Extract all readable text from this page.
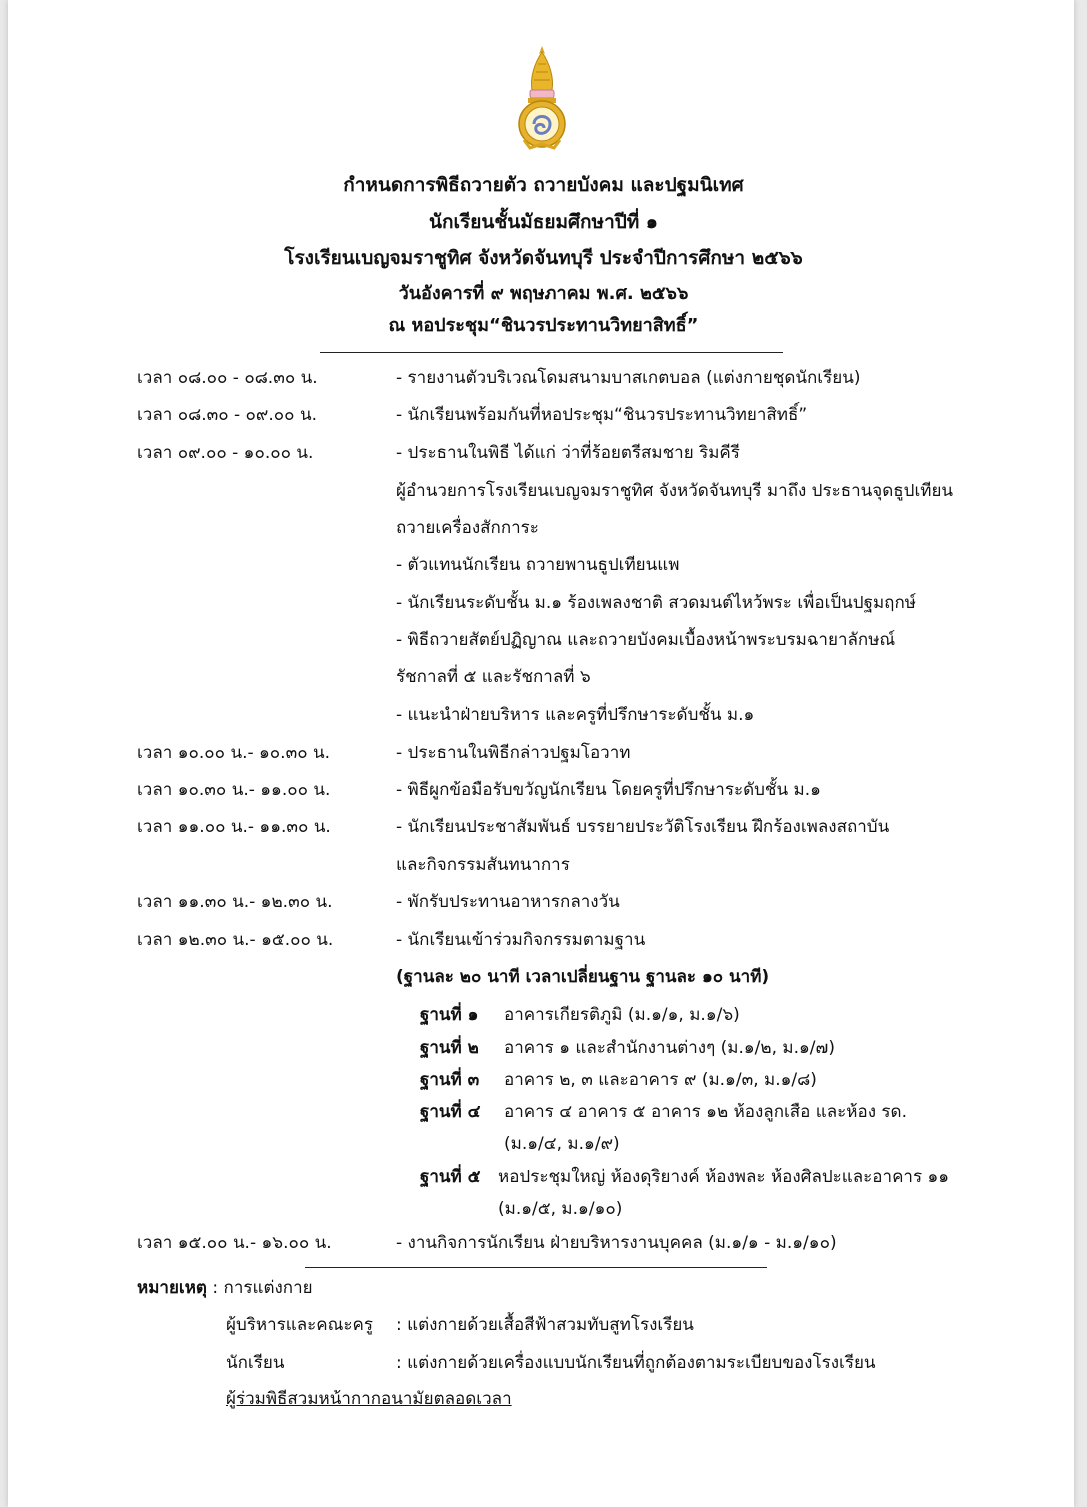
กำหนดการพิธีถวายตัว ถวายบังคม และปฐมนิเทศ
นักเรียนชั้นมัธยมศึกษาปีที่ ๑
โรงเรียนเบญจมราชูทิศ จังหวัดจันทบุรี ประจำปีการศึกษา ๒๕๖๖
วันอังคารที่ ๙ พฤษภาคม พ.ศ. ๒๕๖๖
ณ หอประชุม“ชินวรประทานวิทยาสิทธิ์”
เวลา ๐๘.๐๐ - ๐๘.๓๐ น.	- รายงานตัวบริเวณโดมสนามบาสเกตบอล (แต่งกายชุดนักเรียน)
เวลา ๐๘.๓๐ - ๐๙.๐๐ น.	- นักเรียนพร้อมกันที่หอประชุม“ชินวรประทานวิทยาสิทธิ์”
เวลา ๐๙.๐๐ - ๑๐.๐๐ น.	- ประธานในพิธี ได้แก่ ว่าที่ร้อยตรีสมชาย ริมคีรี
ผู้อำนวยการโรงเรียนเบญจมราชูทิศ จังหวัดจันทบุรี มาถึง ประธานจุดธูปเทียน
ถวายเครื่องสักการะ
- ตัวแทนนักเรียน ถวายพานธูปเทียนแพ
- นักเรียนระดับชั้น ม.๑ ร้องเพลงชาติ สวดมนต์ไหว้พระ เพื่อเป็นปฐมฤกษ์
- พิธีถวายสัตย์ปฏิญาณ และถวายบังคมเบื้องหน้าพระบรมฉายาลักษณ์
รัชกาลที่ ๕ และรัชกาลที่ ๖
- แนะนำฝ่ายบริหาร และครูที่ปรึกษาระดับชั้น ม.๑
เวลา ๑๐.๐๐ น.- ๑๐.๓๐ น.	- ประธานในพิธีกล่าวปฐมโอวาท
เวลา ๑๐.๓๐ น.- ๑๑.๐๐ น.	- พิธีผูกข้อมือรับขวัญนักเรียน โดยครูที่ปรึกษาระดับชั้น ม.๑
เวลา ๑๑.๐๐ น.- ๑๑.๓๐ น.	- นักเรียนประชาสัมพันธ์ บรรยายประวัติโรงเรียน ฝึกร้องเพลงสถาบัน
และกิจกรรมสันทนาการ
เวลา ๑๑.๓๐ น.- ๑๒.๓๐ น.	- พักรับประทานอาหารกลางวัน
เวลา ๑๒.๓๐ น.- ๑๕.๐๐ น.	- นักเรียนเข้าร่วมกิจกรรมตามฐาน
(ฐานละ ๒๐ นาที เวลาเปลี่ยนฐาน ฐานละ ๑๐ นาที)
ฐานที่ ๑ อาคารเกียรติภูมิ (ม.๑/๑, ม.๑/๖)
ฐานที่ ๒ อาคาร ๑ และสำนักงานต่างๆ (ม.๑/๒, ม.๑/๗)
ฐานที่ ๓ อาคาร ๒, ๓ และอาคาร ๙ (ม.๑/๓, ม.๑/๘)
ฐานที่ ๔ อาคาร ๔ อาคาร ๕ อาคาร ๑๒ ห้องลูกเสือ และห้อง รด.
(ม.๑/๔, ม.๑/๙)
ฐานที่ ๕ หอประชุมใหญ่ ห้องดุริยางค์ ห้องพละ ห้องศิลปะและอาคาร ๑๑
(ม.๑/๕, ม.๑/๑๐)
เวลา ๑๕.๐๐ น.- ๑๖.๐๐ น.	- งานกิจการนักเรียน ฝ่ายบริหารงานบุคคล (ม.๑/๑ - ม.๑/๑๐)
หมายเหตุ : การแต่งกาย
ผู้บริหารและคณะครู : แต่งกายด้วยเสื้อสีฟ้าสวมทับสูทโรงเรียน
นักเรียน	: แต่งกายด้วยเครื่องแบบนักเรียนที่ถูกต้องตามระเบียบของโรงเรียน
ผู้ร่วมพิธีสวมหน้ากากอนามัยตลอดเวลา
